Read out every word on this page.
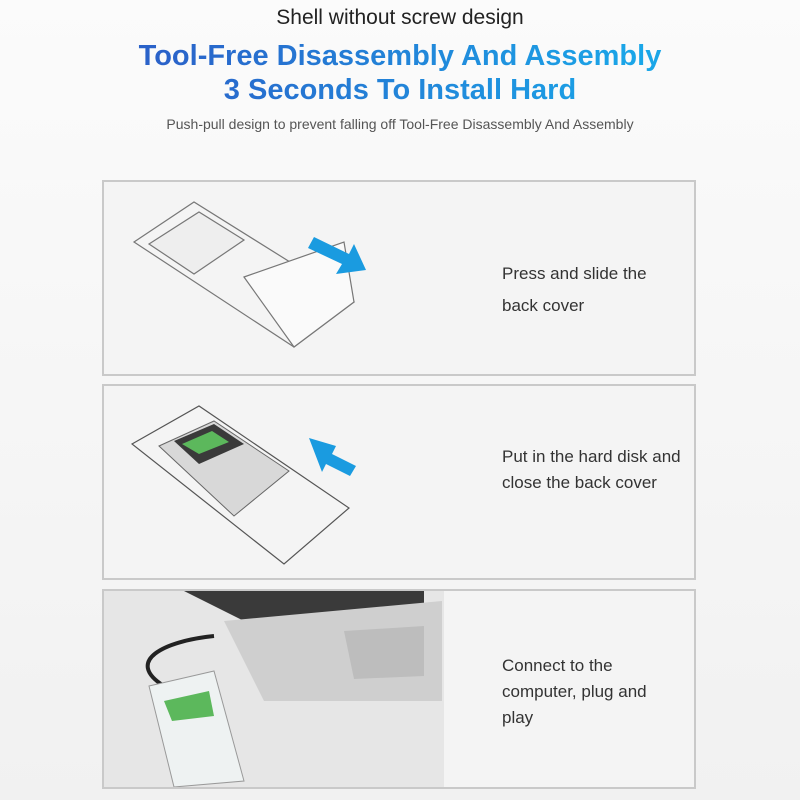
Shell without screw design
Tool-Free Disassembly And Assembly
3 Seconds To Install Hard
Push-pull design to prevent falling off Tool-Free Disassembly And Assembly
Press and slide the back cover
Put in the hard disk and close the back cover
Connect to the computer, plug and play
